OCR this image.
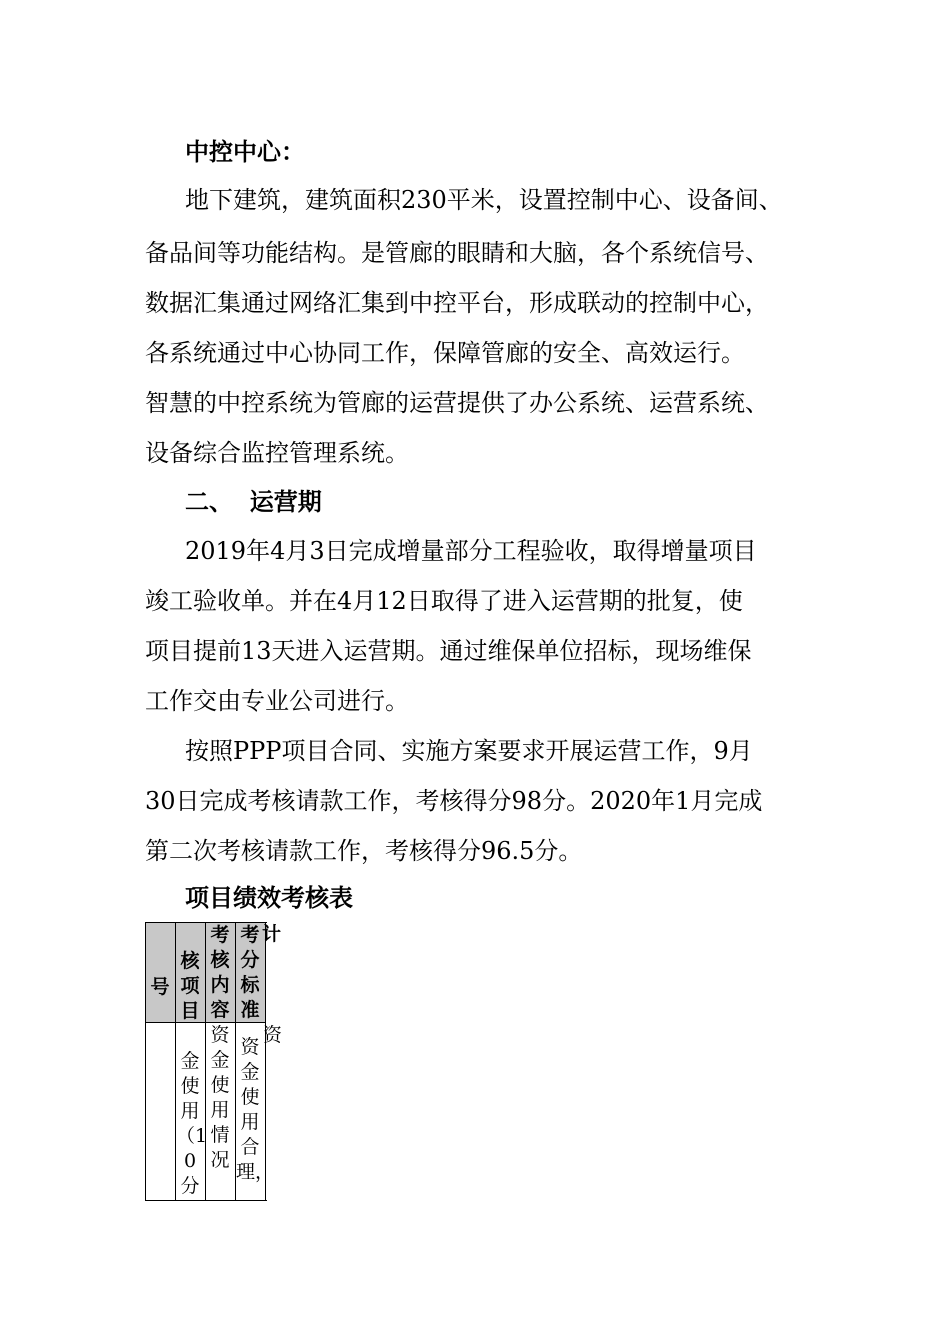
中控中心：
地下建筑，建筑面积230平米，设置控制中心、设备间、
备品间等功能结构。是管廊的眼睛和大脑，各个系统信号、
数据汇集通过网络汇集到中控平台，形成联动的控制中心，
各系统通过中心协同工作，保障管廊的安全、高效运行。
智慧的中控系统为管廊的运营提供了办公系统、运营系统、
设备综合监控管理系统。
二、  运营期
2019年4月3日完成增量部分工程验收，取得增量项目
竣工验收单。并在4月12日取得了进入运营期的批复，使
项目提前13天进入运营期。通过维保单位招标，现场维保
工作交由专业公司进行。
按照PPP项目合同、实施方案要求开展运营工作，9月
30日完成考核请款工作，考核得分98分。2020年1月完成
第二次考核请款工作，考核得分96.5分。
项目绩效考核表
号
核项目
考核内容
考分标准
金使用（10分
资 金使用情况
资金使用合理，
计
资
